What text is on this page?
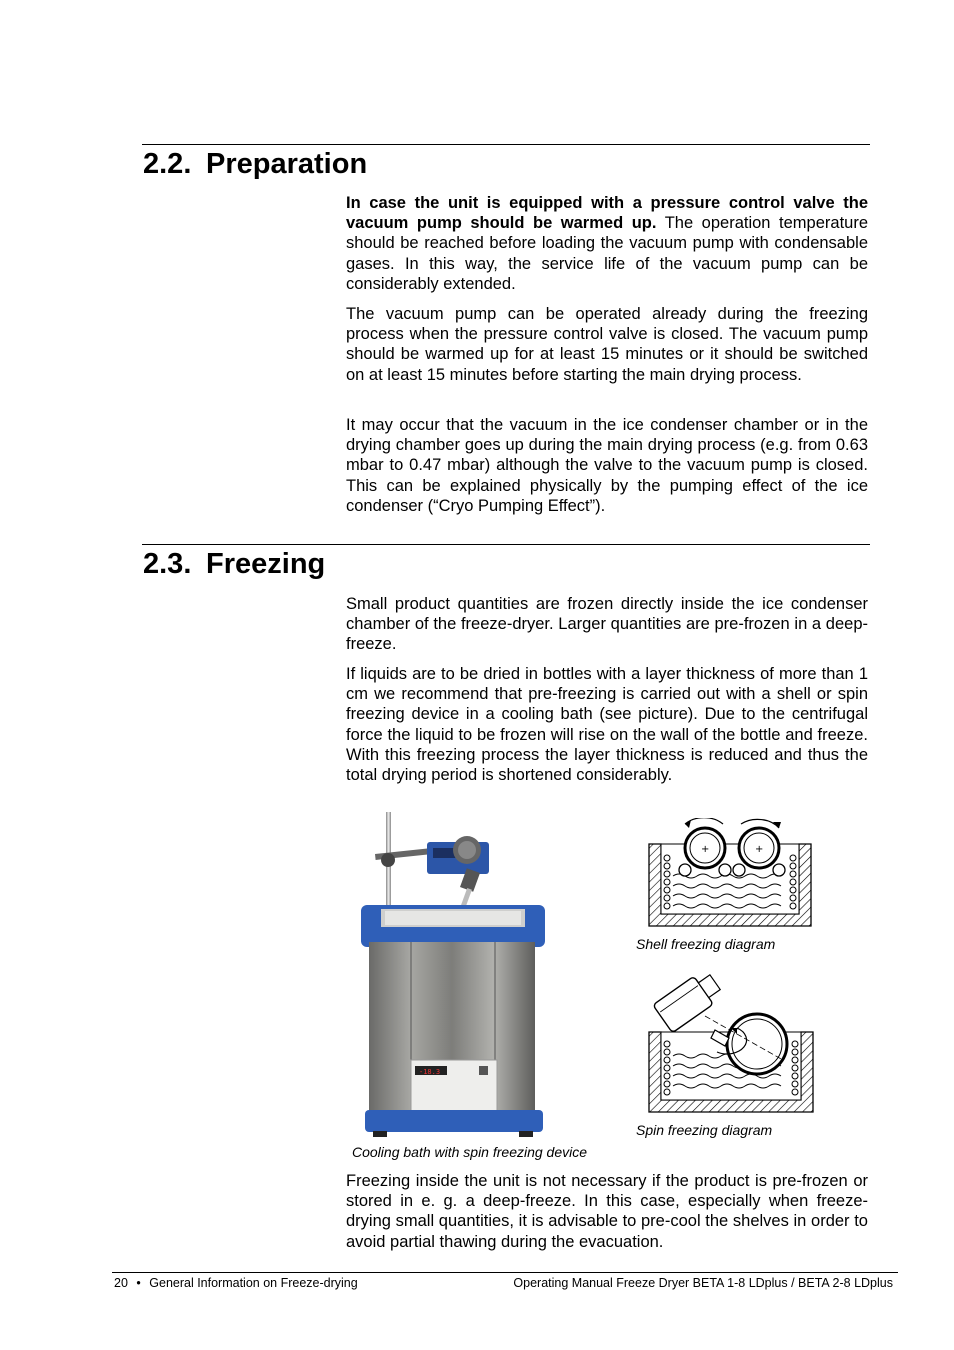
2.2. Preparation

In case the unit is equipped with a pressure control valve the vacuum pump should be warmed up. The operation temperature should be reached before loading the vacuum pump with condensable gases. In this way, the service life of the vacuum pump can be considerably extended.

The vacuum pump can be operated already during the freezing process when the pressure control valve is closed. The vacuum pump should be warmed up for at least 15 minutes or it should be switched on at least 15 minutes before starting the main drying process.

It may occur that the vacuum in the ice condenser chamber or in the drying chamber goes up during the main drying process (e.g. from 0.63 mbar to 0.47 mbar) although the valve to the vacuum pump is closed. This can be explained physically by the pumping effect of the ice condenser (“Cryo Pumping Effect”).

2.3. Freezing

Small product quantities are frozen directly inside the ice condenser chamber of the freeze-dryer. Larger quantities are pre-frozen in a deep-freeze.

If liquids are to be dried in bottles with a layer thickness of more than 1 cm we recommend that pre-freezing is carried out with a shell or spin freezing device in a cooling bath (see picture). Due to the centrifugal force the liquid to be frozen will rise on the wall of the bottle and freeze. With this freezing process the layer thickness is reduced and thus the total drying period is shortened considerably.

-18.3

Cooling bath with spin freezing device

+	+

Shell freezing diagram

Spin freezing diagram

Freezing inside the unit is not necessary if the product is pre-frozen or stored in e. g. a deep-freeze. In this case, especially when freeze-drying small quantities, it is advisable to pre-cool the shelves in order to avoid partial thawing during the evacuation.

20 • General Information on Freeze-drying	Operating Manual Freeze Dryer BETA 1-8 LDplus / BETA 2-8 LDplus
